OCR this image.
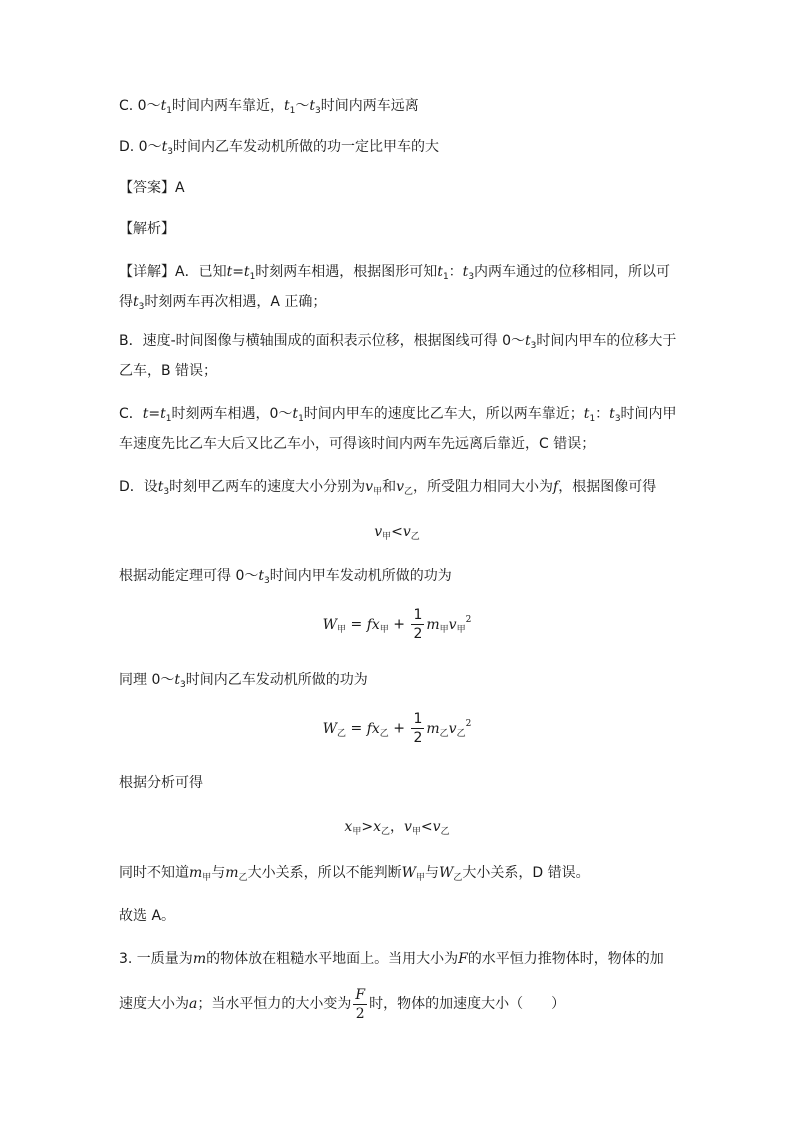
C. $0\sim t_1$时间内两车靠近，$t_1\sim t_3$时间内两车远离
D. $0\sim t_3$时间内乙车发动机所做的功一定比甲车的大
【答案】A
【解析】
【详解】A．已知$t=t_1$时刻两车相遇，根据图形可知$t_1$：$t_3$内两车通过的位移相同，所以可
得$t_3$时刻两车再次相遇，A 正确；
B．速度-时间图像与横轴围成的面积表示位移，根据图线可得 $0\sim t_3$时间内甲车的位移大于
乙车，B 错误；
C．$t=t_1$时刻两车相遇，$0\sim t_1$时间内甲车的速度比乙车大，所以两车靠近；$t_1$：$t_3$时间内甲
车速度先比乙车大后又比乙车小，可得该时间内两车先远离后靠近，C 错误；
D．设$t_3$时刻甲乙两车的速度大小分别为$v_甲$和$v_乙$，所受阻力相同大小为f，根据图像可得
$v_甲<v_乙$
根据动能定理可得 $0\sim t_3$时间内甲车发动机所做的功为
$W_甲 = fx_甲 + \frac{1}{2} m_甲v_甲^2$
同理 $0\sim t_3$时间内乙车发动机所做的功为
$W_乙 = fx_乙 + \frac{1}{2} m_乙v_乙^2$
根据分析可得
$x_甲>x_乙$，$v_甲<v_乙$
同时不知道$m_甲$与$m_乙$大小关系，所以不能判断$W_甲$与$W_乙$大小关系，D 错误。
故选 A。
3. 一质量为m的物体放在粗糙水平地面上。当用大小为F的水平恒力推物体时，物体的加
速度大小为a；当水平恒力的大小变为 $\frac{F}{2}$ 时，物体的加速度大小（　　）
